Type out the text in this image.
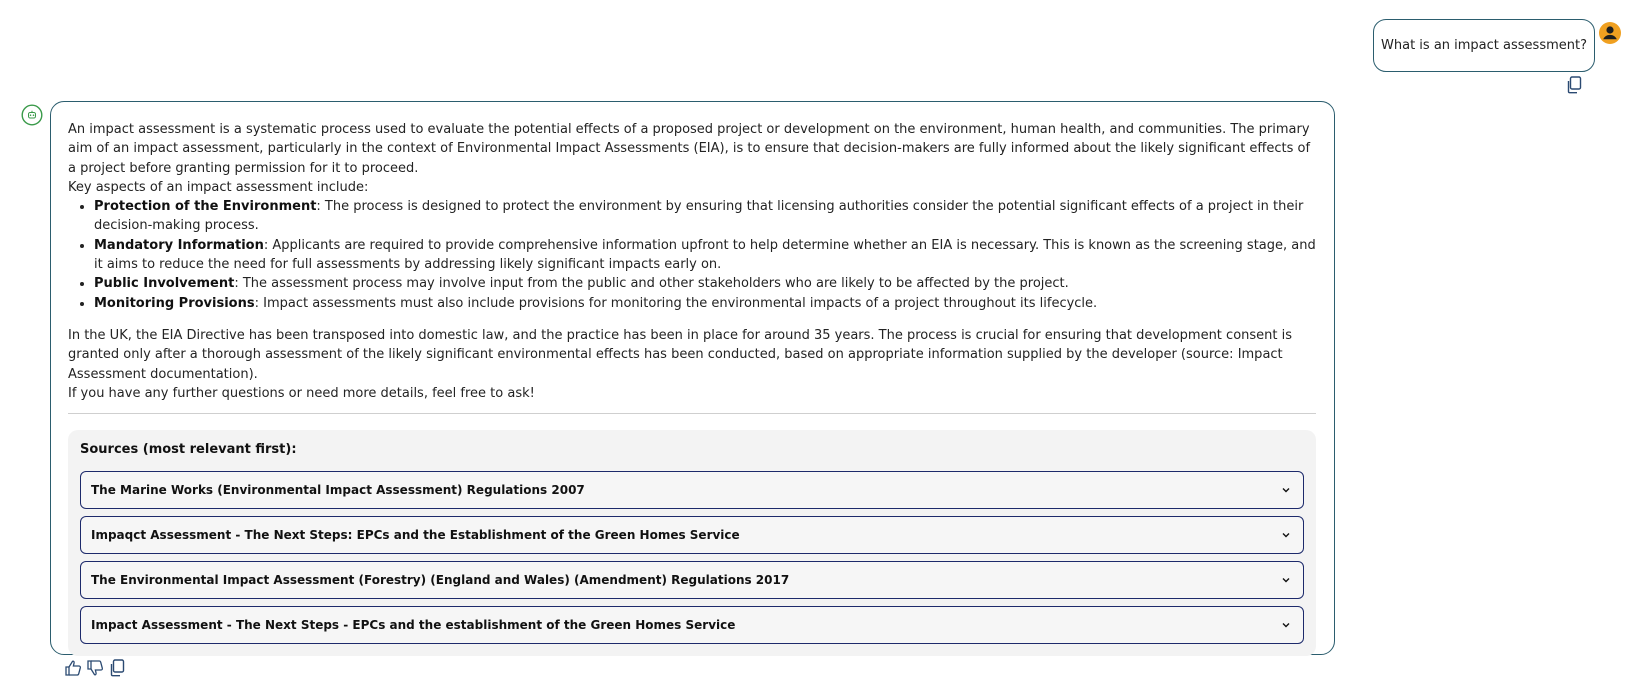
What is an impact assessment?

An impact assessment is a systematic process used to evaluate the potential effects of a proposed project or development on the environment, human health, and communities. The primary aim of an impact assessment, particularly in the context of Environmental Impact Assessments (EIA), is to ensure that decision-makers are fully informed about the likely significant effects of a project before granting permission for it to proceed.

Key aspects of an impact assessment include:

• Protection of the Environment: The process is designed to protect the environment by ensuring that licensing authorities consider the potential significant effects of a project in their decision-making process.
• Mandatory Information: Applicants are required to provide comprehensive information upfront to help determine whether an EIA is necessary. This is known as the screening stage, and it aims to reduce the need for full assessments by addressing likely significant impacts early on.
• Public Involvement: The assessment process may involve input from the public and other stakeholders who are likely to be affected by the project.
• Monitoring Provisions: Impact assessments must also include provisions for monitoring the environmental impacts of a project throughout its lifecycle.

In the UK, the EIA Directive has been transposed into domestic law, and the practice has been in place for around 35 years. The process is crucial for ensuring that development consent is granted only after a thorough assessment of the likely significant environmental effects has been conducted, based on appropriate information supplied by the developer (source: Impact Assessment documentation).

If you have any further questions or need more details, feel free to ask!

Sources (most relevant first):
The Marine Works (Environmental Impact Assessment) Regulations 2007
Impaqct Assessment - The Next Steps: EPCs and the Establishment of the Green Homes Service
The Environmental Impact Assessment (Forestry) (England and Wales) (Amendment) Regulations 2017
Impact Assessment - The Next Steps - EPCs and the establishment of the Green Homes Service
